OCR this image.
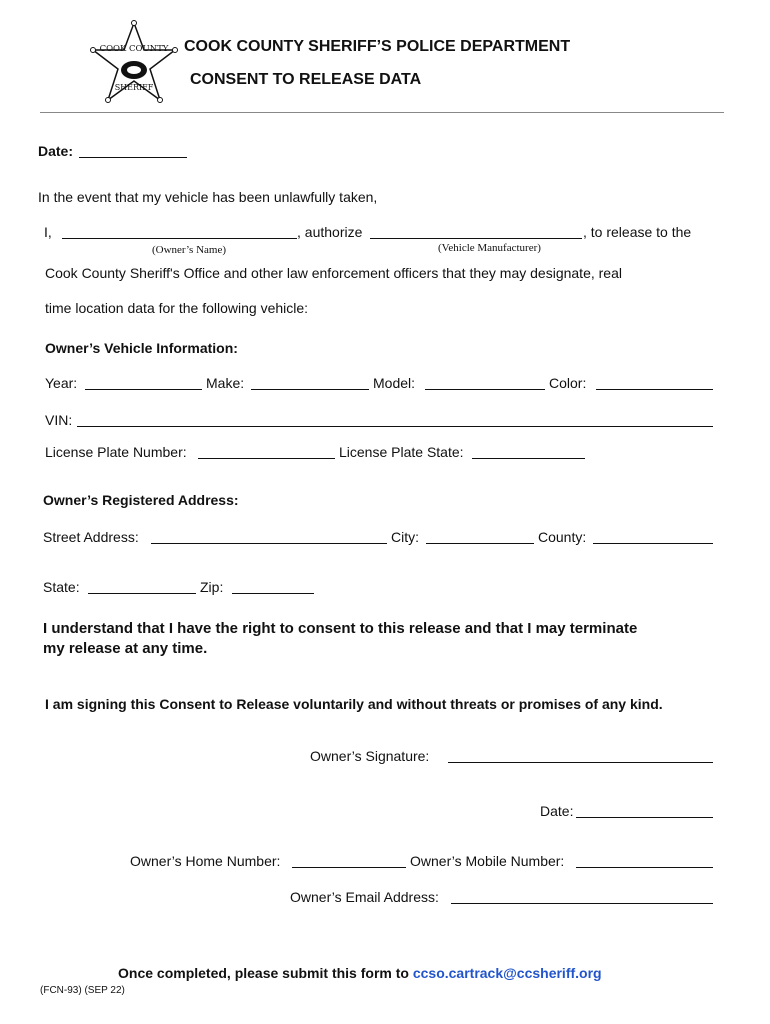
COOK COUNTY
SHERIFF
COOK COUNTY SHERIFF’S POLICE DEPARTMENT
CONSENT TO RELEASE DATA
Date:
In the event that my vehicle has been unlawfully taken,
I,	, authorize	, to release to the
(Owner’s Name)	(Vehicle Manufacturer)
Cook County Sheriff's Office and other law enforcement officers that they may designate, real
time location data for the following vehicle:
Owner’s Vehicle Information:
Year:	Make:	Model:	Color:
VIN:
License Plate Number:	License Plate State:
Owner’s Registered Address:
Street Address:	City:	County:
State:	Zip:
I understand that I have the right to consent to this release and that I may terminate
my release at any time.
I am signing this Consent to Release voluntarily and without threats or promises of any kind.
Owner’s Signature:
Date:
Owner’s Home Number:	Owner’s Mobile Number:
Owner’s Email Address:
Once completed, please submit this form to ccso.cartrack@ccsheriff.org
(FCN-93) (SEP 22)
